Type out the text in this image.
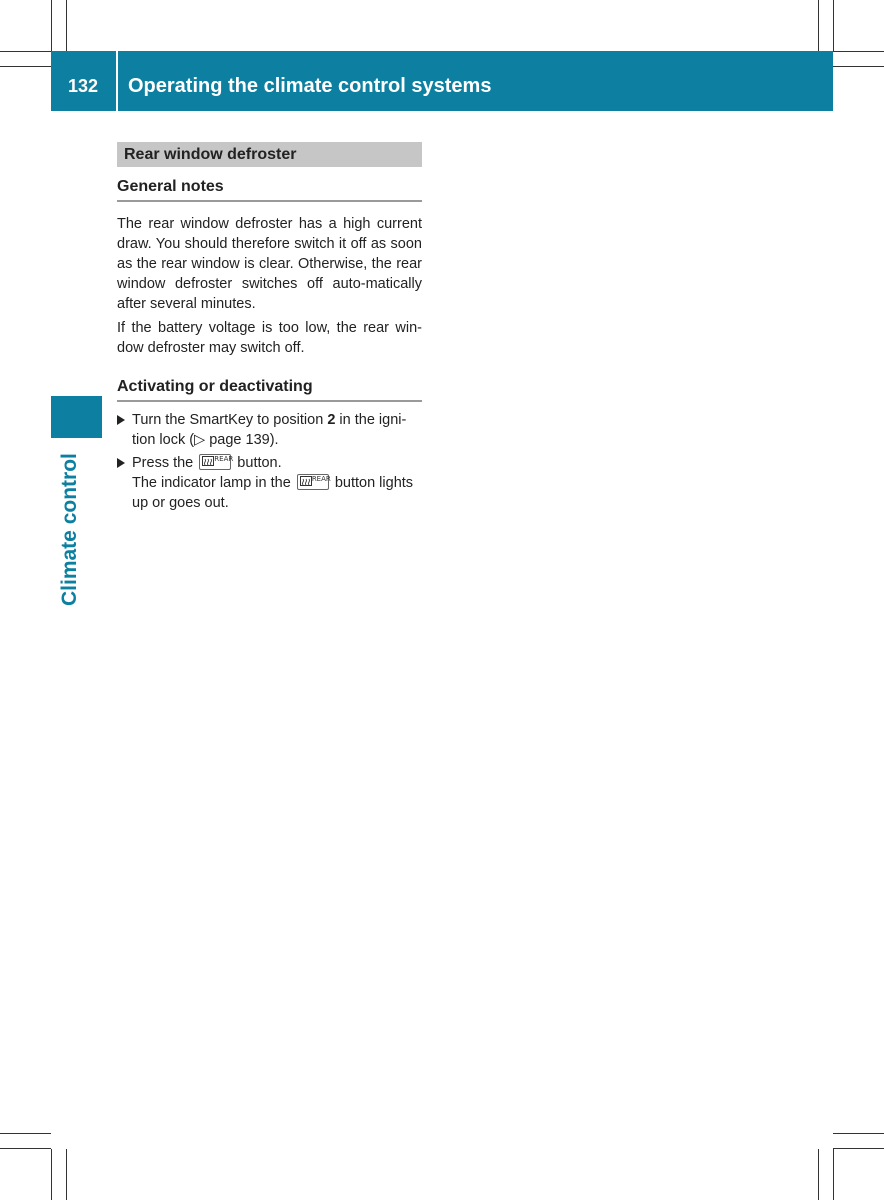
132	Operating the climate control systems
Climate control
Rear window defroster
General notes

The rear window defroster has a high current draw. You should therefore switch it off as soon as the rear window is clear. Otherwise, the rear window defroster switches off auto-matically after several minutes.

If the battery voltage is too low, the rear win-dow defroster may switch off.

Activating or deactivating
Turn the SmartKey to position 2 in the igni-tion lock (▷ page 139).
Press the REAR button.
The indicator lamp in the REAR button lights up or goes out.
